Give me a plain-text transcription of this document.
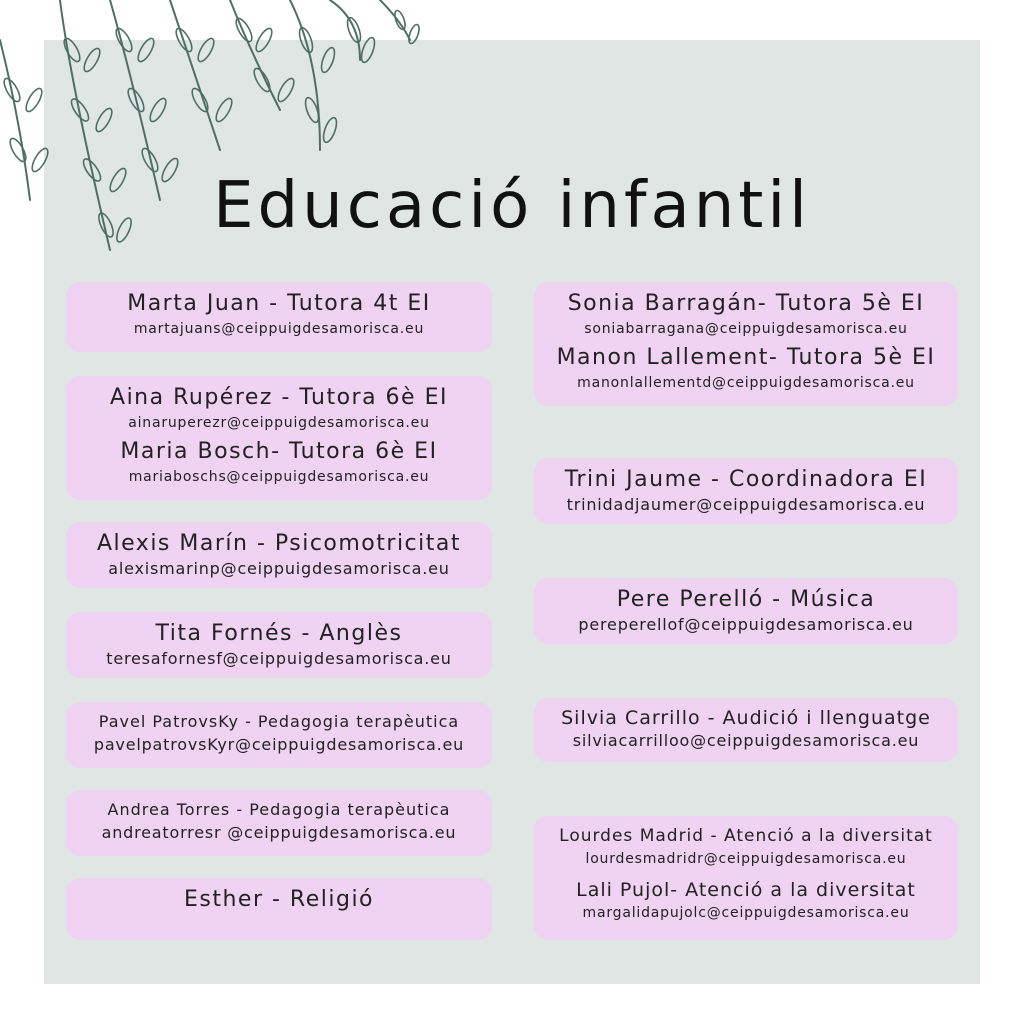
Educació infantil
Marta Juan - Tutora 4t EI
martajuans@ceippuigdesamorisca.eu
Aina Rupérez - Tutora 6è EI
ainaruperezr@ceippuigdesamorisca.eu
Maria Bosch- Tutora 6è EI
mariaboschs@ceippuigdesamorisca.eu
Alexis Marín - Psicomotricitat
alexismarinp@ceippuigdesamorisca.eu
Tita Fornés - Anglès
teresafornesf@ceippuigdesamorisca.eu
Pavel PatrovsKy - Pedagogia terapèutica
pavelpatrovsKyr@ceippuigdesamorisca.eu
Andrea Torres - Pedagogia terapèutica
andreatorresr @ceippuigdesamorisca.eu
Esther - Religió
Sonia Barragán- Tutora 5è EI
soniabarragana@ceippuigdesamorisca.eu
Manon Lallement- Tutora 5è EI
manonlallementd@ceippuigdesamorisca.eu
Trini Jaume - Coordinadora EI
trinidadjaumer@ceippuigdesamorisca.eu
Pere Perelló - Música
pereperellof@ceippuigdesamorisca.eu
Silvia Carrillo - Audició i llenguatge
silviacarrilloo@ceippuigdesamorisca.eu
Lourdes Madrid - Atenció a la diversitat
lourdesmadridr@ceippuigdesamorisca.eu
Lali Pujol- Atenció a la diversitat
margalidapujolc@ceippuigdesamorisca.eu
